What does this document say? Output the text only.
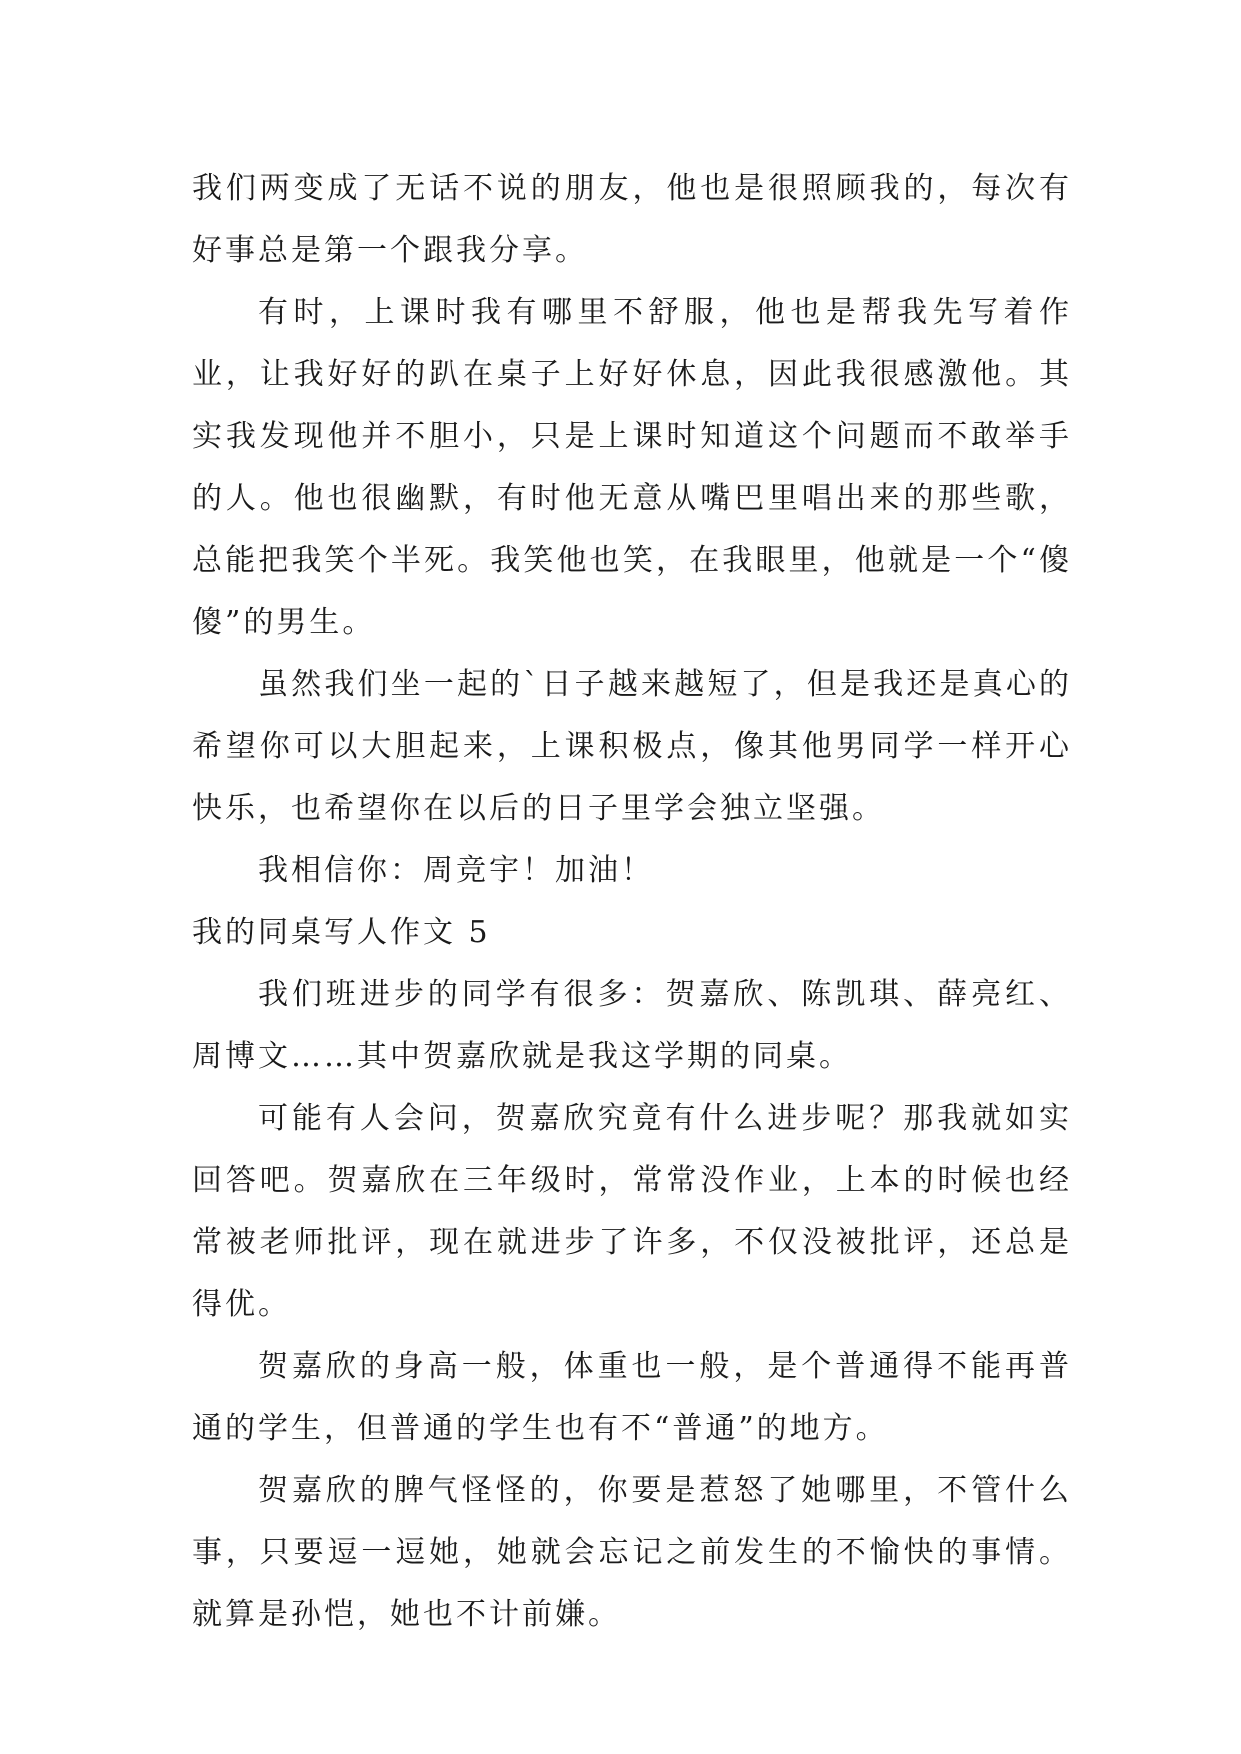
我们两变成了无话不说的朋友，他也是很照顾我的，每次有好事总是第一个跟我分享。

有时，上课时我有哪里不舒服，他也是帮我先写着作业，让我好好的趴在桌子上好好休息，因此我很感激他。其实我发现他并不胆小，只是上课时知道这个问题而不敢举手的人。他也很幽默，有时他无意从嘴巴里唱出来的那些歌，总能把我笑个半死。我笑他也笑，在我眼里，他就是一个“傻傻”的男生。

虽然我们坐一起的`日子越来越短了，但是我还是真心的希望你可以大胆起来，上课积极点，像其他男同学一样开心快乐，也希望你在以后的日子里学会独立坚强。

我相信你：周竞宇！加油！

我的同桌写人作文 5

我们班进步的同学有很多：贺嘉欣、陈凯琪、薛亮红、周博文……其中贺嘉欣就是我这学期的同桌。

可能有人会问，贺嘉欣究竟有什么进步呢？那我就如实回答吧。贺嘉欣在三年级时，常常没作业，上本的时候也经常被老师批评，现在就进步了许多，不仅没被批评，还总是得优。

贺嘉欣的身高一般，体重也一般，是个普通得不能再普通的学生，但普通的学生也有不“普通”的地方。

贺嘉欣的脾气怪怪的，你要是惹怒了她哪里，不管什么事，只要逗一逗她，她就会忘记之前发生的不愉快的事情。就算是孙恺，她也不计前嫌。
